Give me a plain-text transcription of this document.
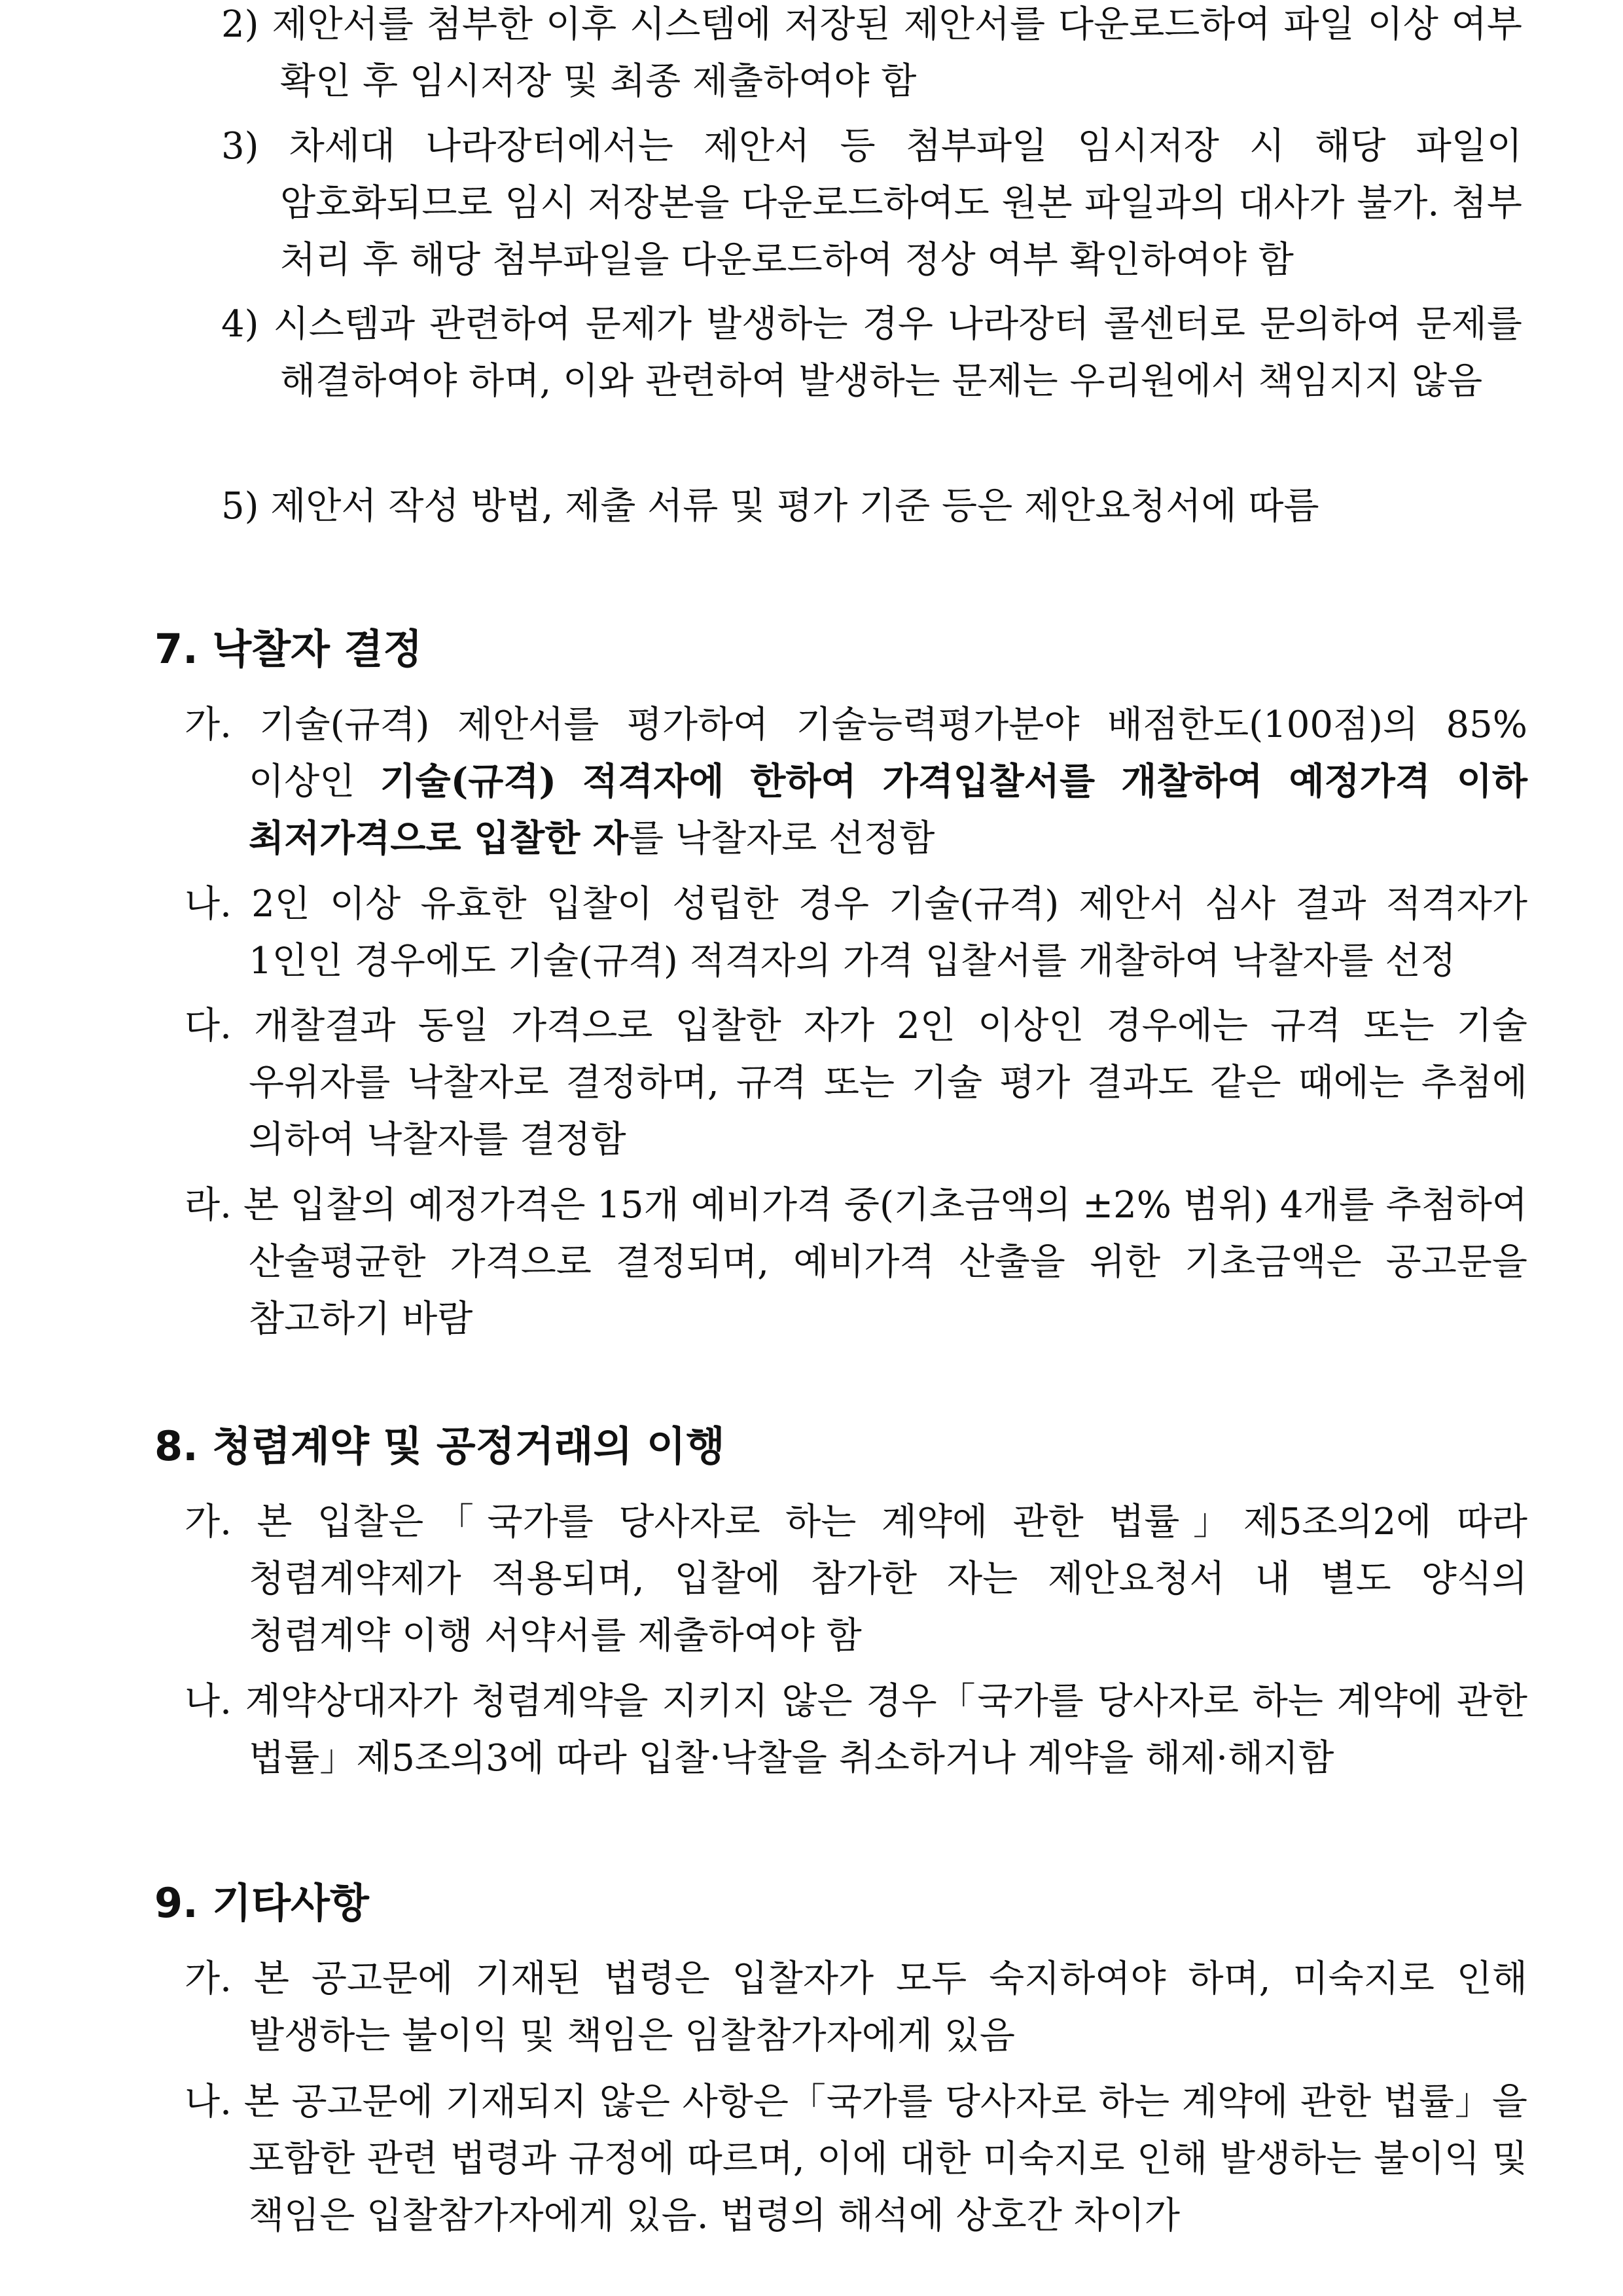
2) 제안서를 첨부한 이후 시스템에 저장된 제안서를 다운로드하여 파일 이상 여부 확인 후 임시저장 및 최종 제출하여야 함
3) 차세대 나라장터에서는 제안서 등 첨부파일 임시저장 시 해당 파일이 암호화되므로 임시 저장본을 다운로드하여도 원본 파일과의 대사가 불가. 첨부 처리 후 해당 첨부파일을 다운로드하여 정상 여부 확인하여야 함
4) 시스템과 관련하여 문제가 발생하는 경우 나라장터 콜센터로 문의하여 문제를 해결하여야 하며, 이와 관련하여 발생하는 문제는 우리원에서 책임지지 않음
5) 제안서 작성 방법, 제출 서류 및 평가 기준 등은 제안요청서에 따름
7. 낙찰자 결정
가. 기술(규격) 제안서를 평가하여 기술능력평가분야 배점한도(100점)의 85% 이상인 기술(규격) 적격자에 한하여 가격입찰서를 개찰하여 예정가격 이하 최저가격으로 입찰한 자를 낙찰자로 선정함
나. 2인 이상 유효한 입찰이 성립한 경우 기술(규격) 제안서 심사 결과 적격자가 1인인 경우에도 기술(규격) 적격자의 가격 입찰서를 개찰하여 낙찰자를 선정
다. 개찰결과 동일 가격으로 입찰한 자가 2인 이상인 경우에는 규격 또는 기술 우위자를 낙찰자로 결정하며, 규격 또는 기술 평가 결과도 같은 때에는 추첨에 의하여 낙찰자를 결정함
라. 본 입찰의 예정가격은 15개 예비가격 중(기초금액의 ±2% 범위) 4개를 추첨하여 산술평균한 가격으로 결정되며, 예비가격 산출을 위한 기초금액은 공고문을 참고하기 바람
8. 청렴계약 및 공정거래의 이행
가. 본 입찰은「국가를 당사자로 하는 계약에 관한 법률」제5조의2에 따라 청렴계약제가 적용되며, 입찰에 참가한 자는 제안요청서 내 별도 양식의 청렴계약 이행 서약서를 제출하여야 함
나. 계약상대자가 청렴계약을 지키지 않은 경우「국가를 당사자로 하는 계약에 관한 법률」제5조의3에 따라 입찰·낙찰을 취소하거나 계약을 해제·해지함
9. 기타사항
가. 본 공고문에 기재된 법령은 입찰자가 모두 숙지하여야 하며, 미숙지로 인해 발생하는 불이익 및 책임은 임찰참가자에게 있음
나. 본 공고문에 기재되지 않은 사항은「국가를 당사자로 하는 계약에 관한 법률」을 포함한 관련 법령과 규정에 따르며, 이에 대한 미숙지로 인해 발생하는 불이익 및 책임은 입찰참가자에게 있음. 법령의 해석에 상호간 차이가
